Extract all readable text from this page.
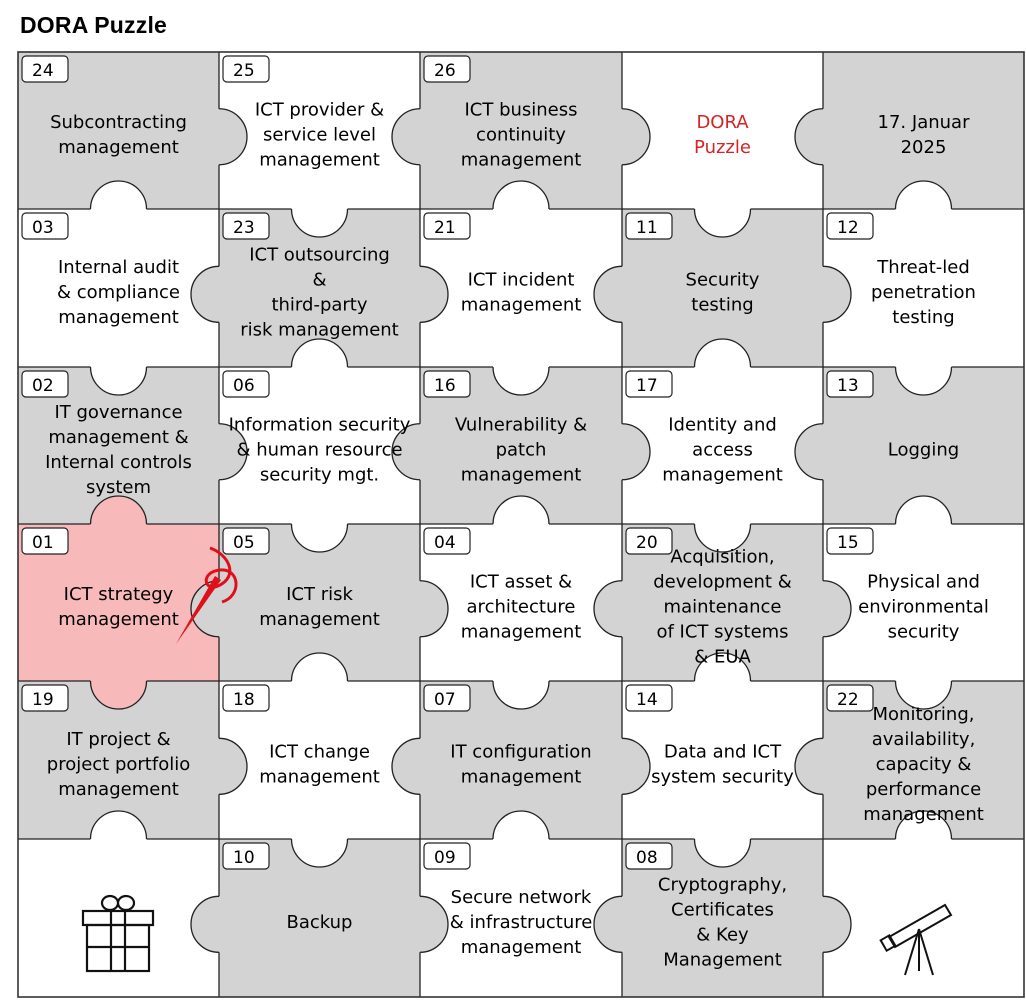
DORA Puzzle
24
Subcontracting
management
25
ICT provider &
service level
management
26
ICT business
continuity
management
DORA
Puzzle
17. Januar
2025
03
Internal audit
& compliance
management
23
ICT outsourcing
&
third-party
risk management
21
ICT incident
management
11
Security
testing
12
Threat-led
penetration
testing
02
IT governance
management &
Internal controls
system
06
Information security
& human resource
security mgt.
16
Vulnerability &
patch
management
17
Identity and
access
management
13
Logging
01
ICT strategy
management
05
ICT risk
management
04
ICT asset &
architecture
management
20
Acquisition,
development &
maintenance
of ICT systems
& EUA
15
Physical and
environmental
security
19
IT project &
project portfolio
management
18
ICT change
management
07
IT configuration
management
14
Data and ICT
system security
22
Monitoring,
availability,
capacity &
performance
management
10
Backup
09
Secure network
& infrastructure
management
08
Cryptography,
Certificates
& Key
Management
